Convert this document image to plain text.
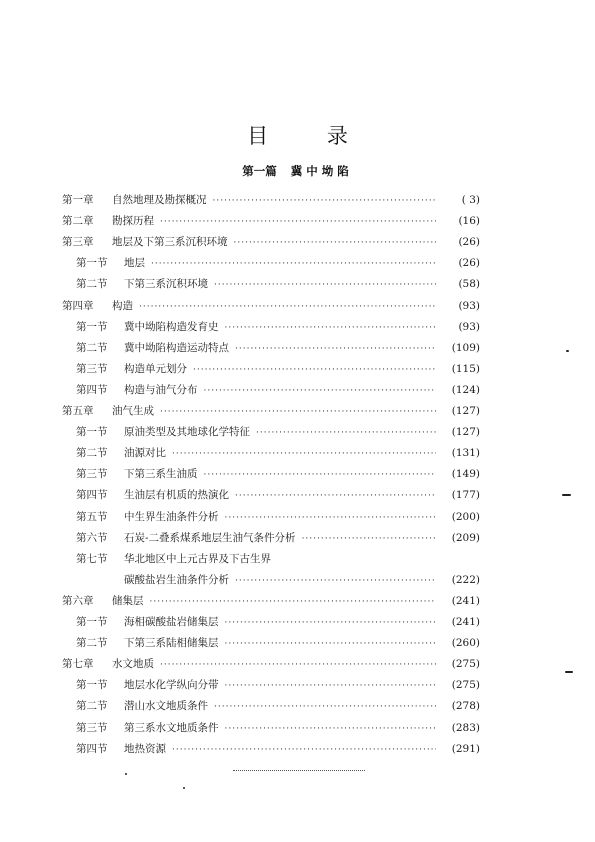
目 录
第一篇 冀中坳陷
第一章	自然地理及勘探概况 ·····	( 3)
第二章	勘探历程 ·····	(16)
第三章	地层及下第三系沉积环境 ·····	(26)
第一节	地层 ·····	(26)
第二节	下第三系沉积环境 ·····	(58)
第四章	构造 ·····	(93)
第一节	冀中坳陷构造发育史 ·····	(93)
第二节	冀中坳陷构造运动特点 ·····	(109)
第三节	构造单元划分 ·····	(115)
第四节	构造与油气分布 ·····	(124)
第五章	油气生成 ·····	(127)
第一节	原油类型及其地球化学特征 ·····	(127)
第二节	油源对比 ·····	(131)
第三节	下第三系生油质 ·····	(149)
第四节	生油层有机质的热演化 ·····	(177)
第五节	中生界生油条件分析 ·····	(200)
第六节	石炭-二叠系煤系地层生油气条件分析 ·····	(209)
第七节	华北地区中上元古界及下古生界
碳酸盐岩生油条件分析 ·····	(222)
第六章	储集层 ·····	(241)
第一节	海相碳酸盐岩储集层 ·····	(241)
第二节	下第三系陆相储集层 ·····	(260)
第七章	水文地质 ·····	(275)
第一节	地层水化学纵向分带 ·····	(275)
第二节	潜山水文地质条件 ·····	(278)
第三节	第三系水文地质条件 ·····	(283)
第四节	地热资源 ·····	(291)
